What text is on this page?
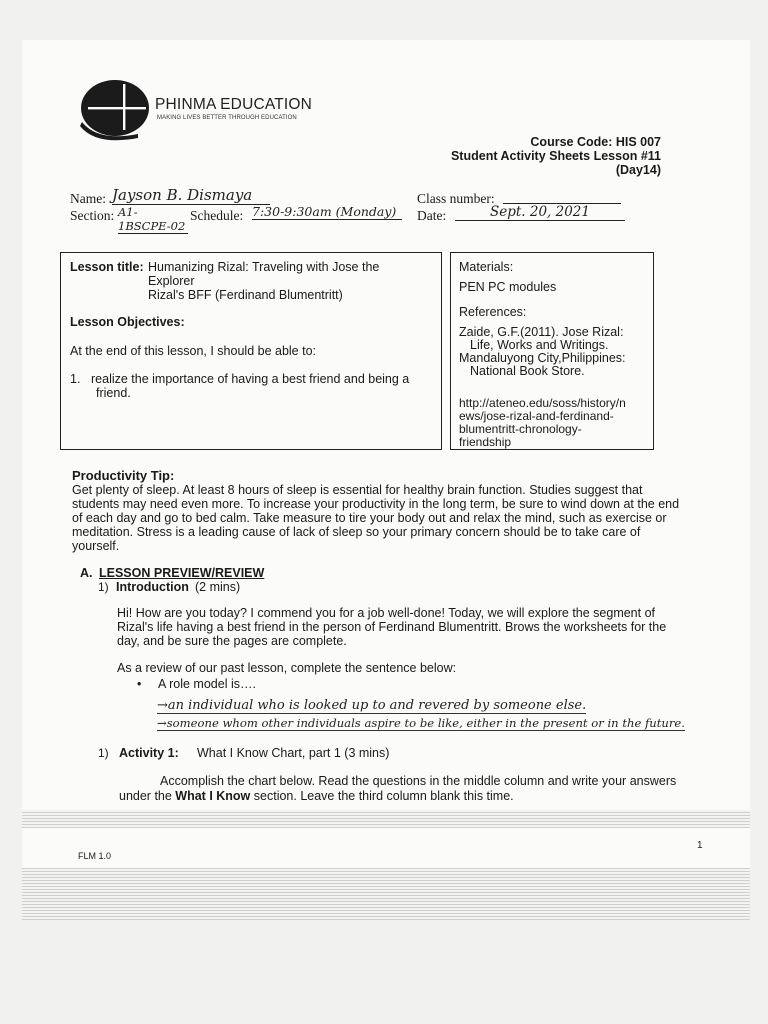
PHINMA EDUCATION
MAKING LIVES BETTER THROUGH EDUCATION
Course Code: HIS 007
Student Activity Sheets Lesson #11
(Day14)
Name: Jayson B. Dismaya	Class number:
Section: A1-1BSCPE-02
Schedule: 7:30-9:30am (Monday)	Date:	Sept. 20, 2021
Lesson title: Humanizing Rizal: Traveling with Jose the
Explorer
Rizal's BFF (Ferdinand Blumentritt)
Lesson Objectives:
At the end of this lesson, I should be able to:
1. realize the importance of having a best friend and being a
friend.
Materials:
PEN PC modules
References:
Zaide, G.F.(2011). Jose Rizal:
Life, Works and Writings.
Mandaluyong City,Philippines:
National Book Store.
http://ateneo.edu/soss/history/n
ews/jose-rizal-and-ferdinand-
blumentritt-chronology-
friendship
Productivity Tip:
Get plenty of sleep. At least 8 hours of sleep is essential for healthy brain function. Studies suggest that
students may need even more. To increase your productivity in the long term, be sure to wind down at the end
of each day and go to bed calm. Take measure to tire your body out and relax the mind, such as exercise or
meditation. Stress is a leading cause of lack of sleep so your primary concern should be to take care of
yourself.
A. LESSON PREVIEW/REVIEW
1) Introduction (2 mins)
Hi! How are you today? I commend you for a job well-done! Today, we will explore the segment of
Rizal's life having a best friend in the person of Ferdinand Blumentritt. Brows the worksheets for the
day, and be sure the pages are complete.
As a review of our past lesson, complete the sentence below:
• A role model is….
→an individual who is looked up to and revered by someone else.
→someone whom other individuals aspire to be like, either in the present or in the future.
1) Activity 1: What I Know Chart, part 1 (3 mins)
Accomplish the chart below. Read the questions in the middle column and write your answers
under the What I Know section. Leave the third column blank this time.
FLM 1.0
1
